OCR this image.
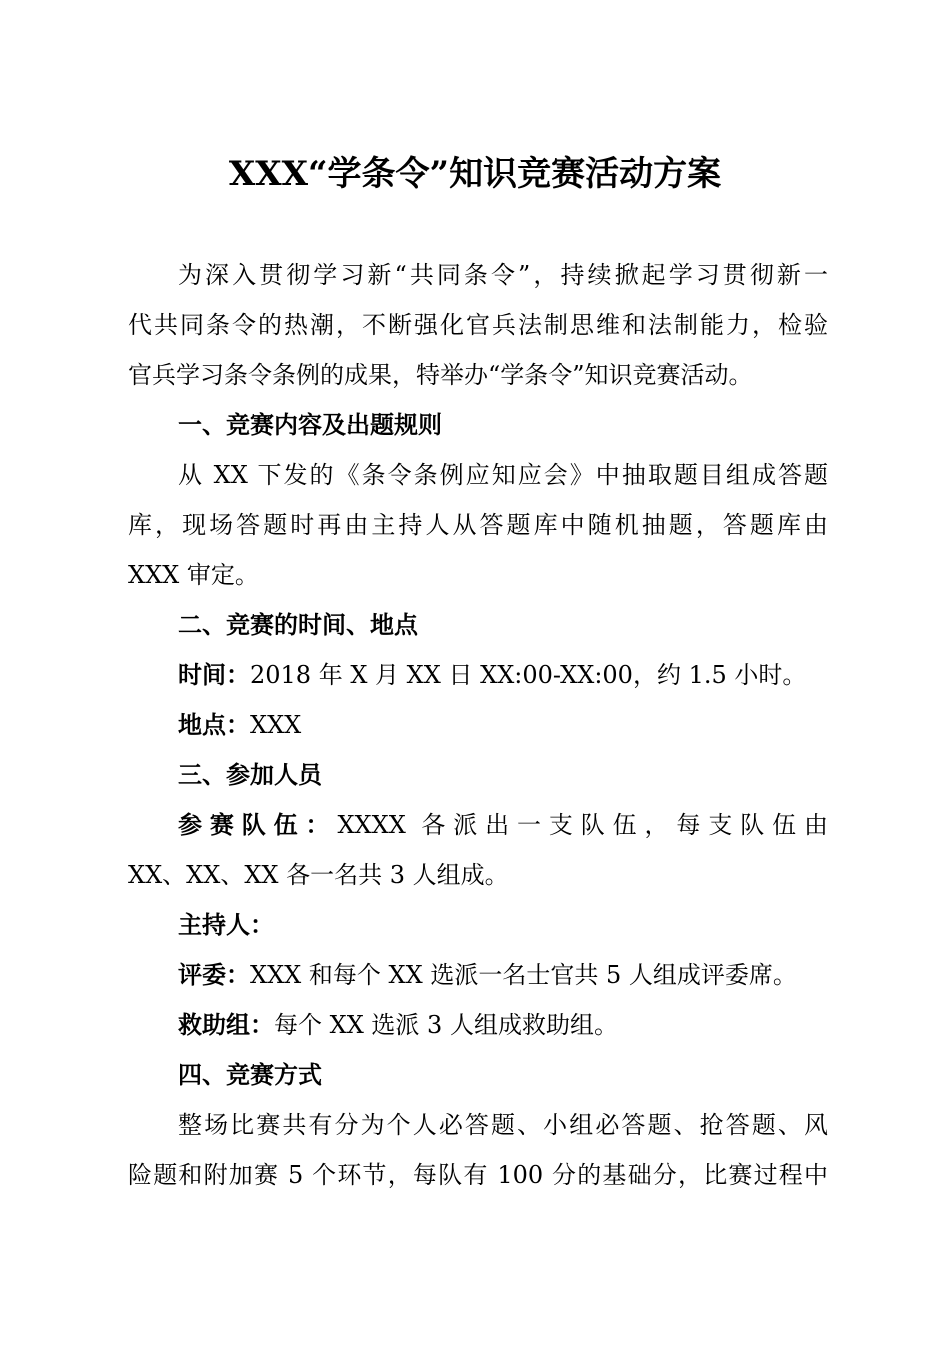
XXX“学条令”知识竞赛活动方案
为深入贯彻学习新“共同条令”，持续掀起学习贯彻新一
代共同条令的热潮，不断强化官兵法制思维和法制能力，检验
官兵学习条令条例的成果，特举办“学条令”知识竞赛活动。
一、竞赛内容及出题规则
从 XX 下发的《条令条例应知应会》中抽取题目组成答题
库，现场答题时再由主持人从答题库中随机抽题，答题库由
XXX 审定。
二、竞赛的时间、地点
时间：2018 年 X 月 XX 日 XX:00-XX:00，约 1.5 小时。
地点：XXX
三、参加人员
参赛队伍：XXXX 各派出一支队伍，每支队伍由
XX、XX、XX 各一名共 3 人组成。
主持人：
评委：XXX 和每个 XX 选派一名士官共 5 人组成评委席。
救助组：每个 XX 选派 3 人组成救助组。
四、竞赛方式
整场比赛共有分为个人必答题、小组必答题、抢答题、风
险题和附加赛 5 个环节，每队有 100 分的基础分，比赛过程中
